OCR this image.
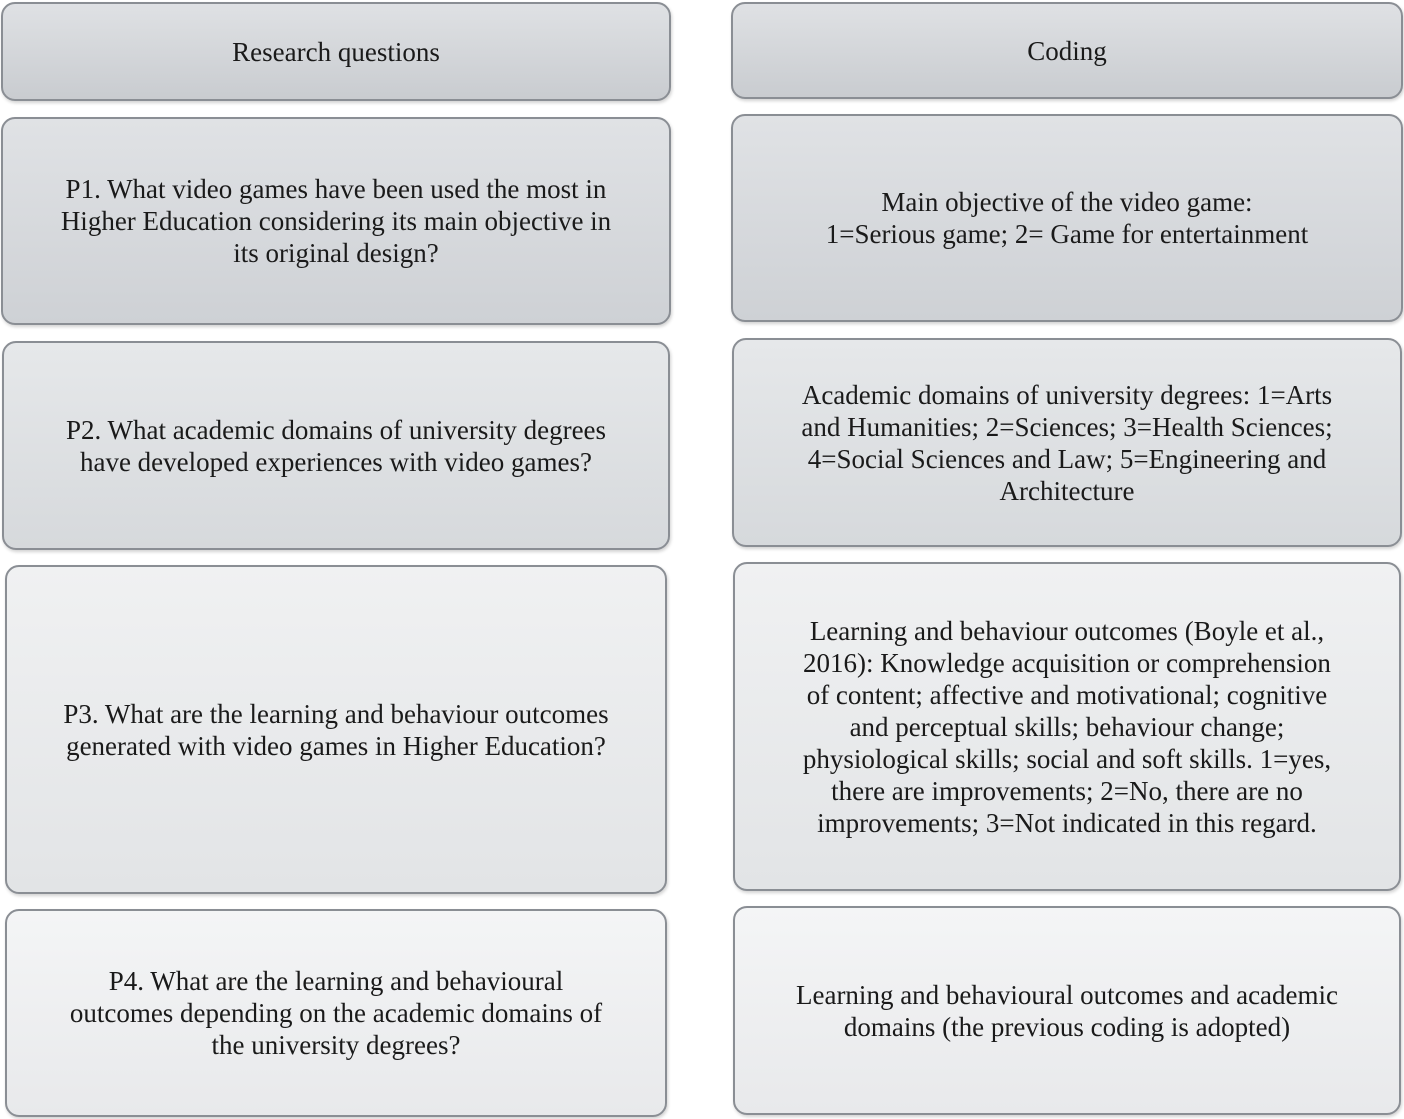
Research questions	Coding
P1. What video games have been used the most in
Higher Education considering its main objective in
its original design?
Main objective of the video game:
1=Serious game; 2= Game for entertainment
P2. What academic domains of university degrees
have developed experiences with video games?
Academic domains of university degrees: 1=Arts
and Humanities; 2=Sciences; 3=Health Sciences;
4=Social Sciences and Law; 5=Engineering and
Architecture
P3. What are the learning and behaviour outcomes
generated with video games in Higher Education?
Learning and behaviour outcomes (Boyle et al.,
2016): Knowledge acquisition or comprehension
of content; affective and motivational; cognitive
and perceptual skills; behaviour change;
physiological skills; social and soft skills. 1=yes,
there are improvements; 2=No, there are no
improvements; 3=Not indicated in this regard.
P4. What are the learning and behavioural
outcomes depending on the academic domains of
the university degrees?
Learning and behavioural outcomes and academic
domains (the previous coding is adopted)
